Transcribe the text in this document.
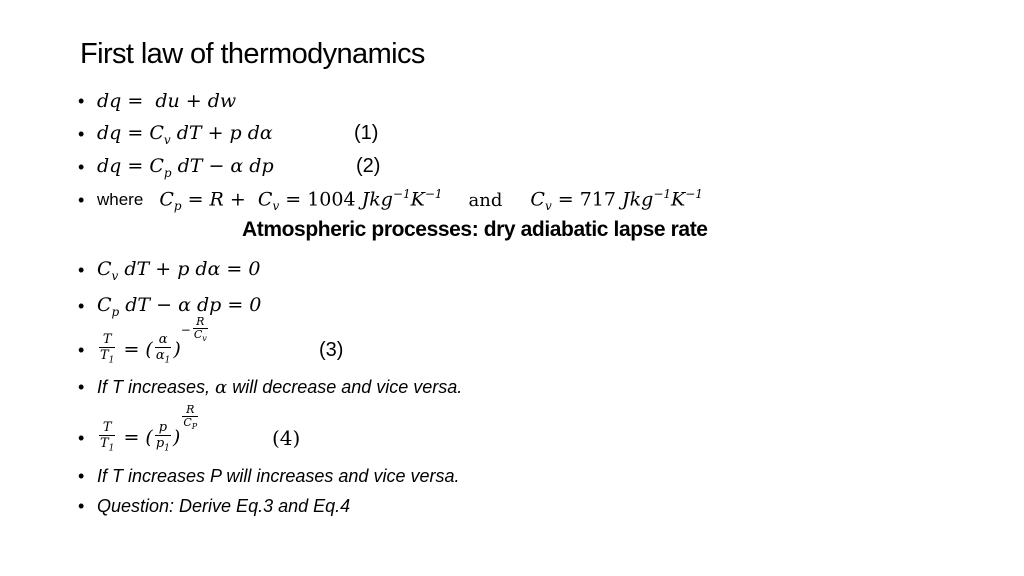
First law of thermodynamics
• dq =  du + dw
• dq = $C_v$ dT + p dα	(1)
• dq = $C_p$ dT − α dp	(2)
• where $C_p = R + C_v = 1004$ $Jkg^{-1}K^{-1}$ and $C_v = 717$ $Jkg^{-1}K^{-1}$
Atmospheric processes: dry adiabatic lapse rate
• $C_v$ dT + p dα = 0
• $C_p$ dT − α dp = 0
•	$\frac{T}{T_1}$ = ( $\frac{\alpha}{\alpha_1}$ )− $\frac{R}{C_v}$
(3)
• If T increases, α will decrease and vice versa.
•	$\frac{T}{T_1}$ = ( $\frac{p}{p_1}$ )
$\frac{R}{C_P}$
(4)
• If T increases P will increases and vice versa.
• Question: Derive Eq.3 and Eq.4
